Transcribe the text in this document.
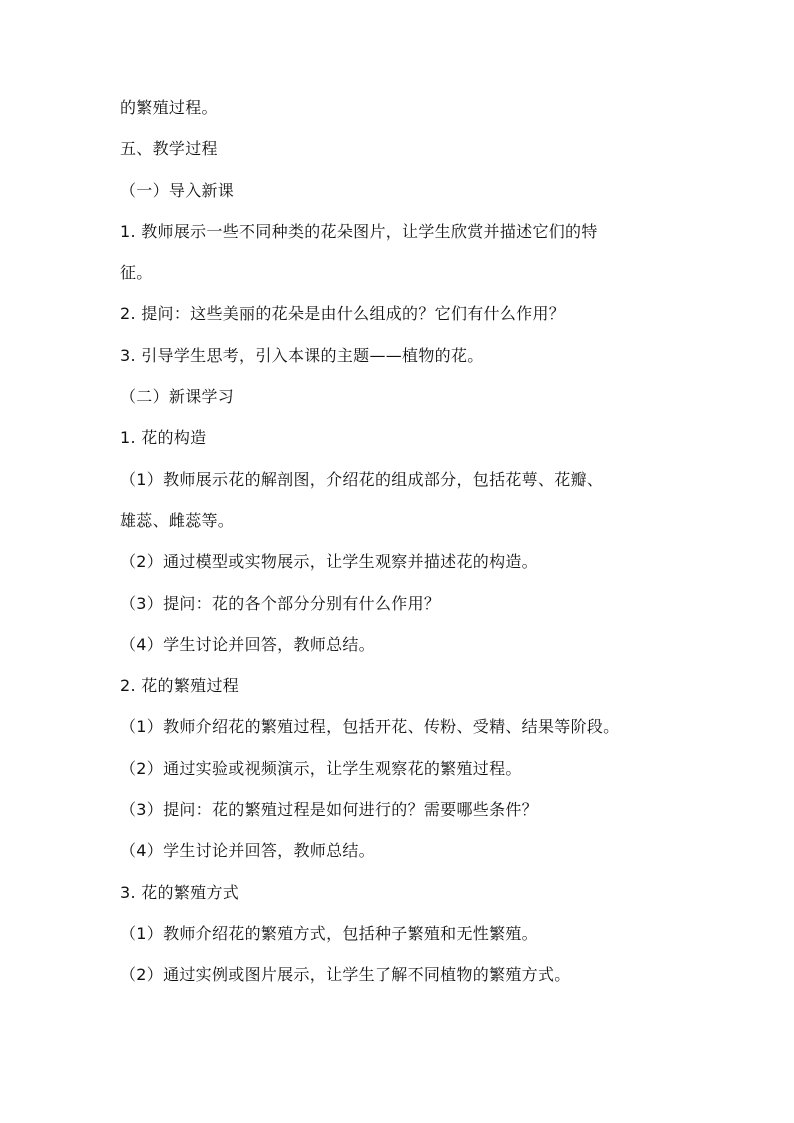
的繁殖过程。
五、教学过程
（一）导入新课
1. 教师展示一些不同种类的花朵图片，让学生欣赏并描述它们的特
征。
2. 提问：这些美丽的花朵是由什么组成的？它们有什么作用？
3. 引导学生思考，引入本课的主题——植物的花。
（二）新课学习
1. 花的构造
（1）教师展示花的解剖图，介绍花的组成部分，包括花萼、花瓣、
雄蕊、雌蕊等。
（2）通过模型或实物展示，让学生观察并描述花的构造。
（3）提问：花的各个部分分别有什么作用？
（4）学生讨论并回答，教师总结。
2. 花的繁殖过程
（1）教师介绍花的繁殖过程，包括开花、传粉、受精、结果等阶段。
（2）通过实验或视频演示，让学生观察花的繁殖过程。
（3）提问：花的繁殖过程是如何进行的？需要哪些条件？
（4）学生讨论并回答，教师总结。
3. 花的繁殖方式
（1）教师介绍花的繁殖方式，包括种子繁殖和无性繁殖。
（2）通过实例或图片展示，让学生了解不同植物的繁殖方式。
